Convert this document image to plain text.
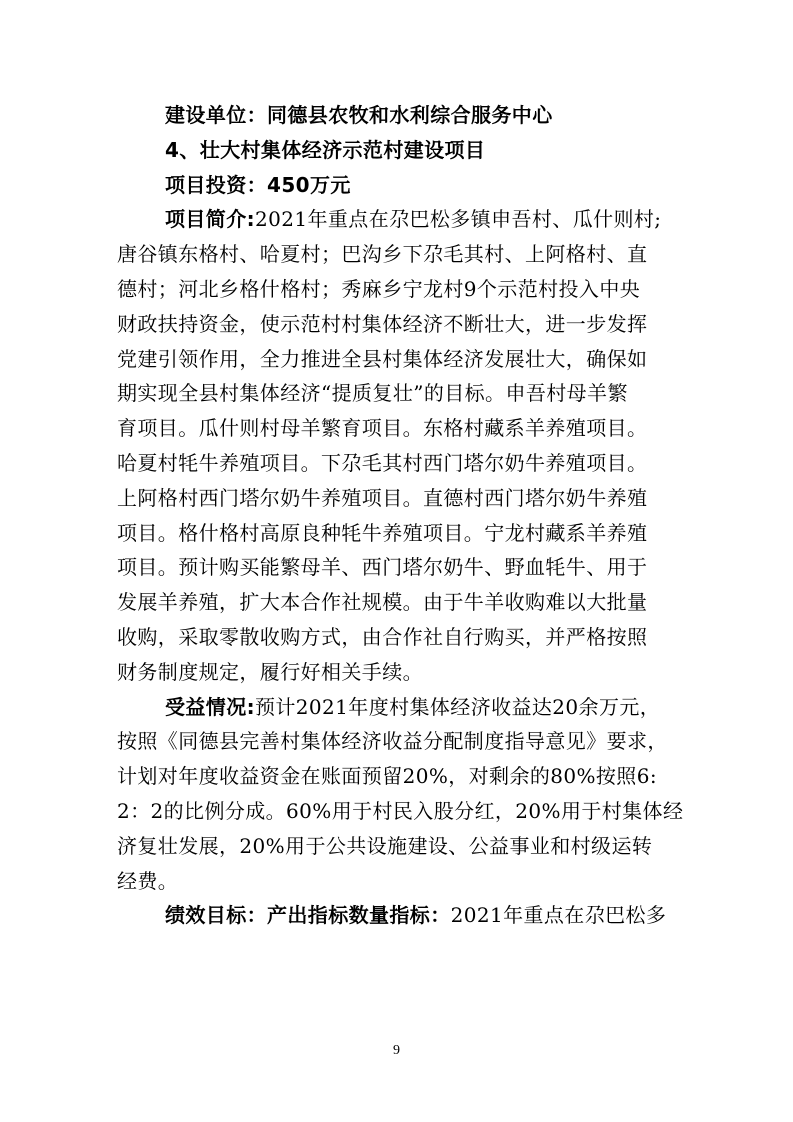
建设单位：同德县农牧和水利综合服务中心

4、壮大村集体经济示范村建设项目

项目投资：450万元

项目简介:2021年重点在尕巴松多镇申吾村、瓜什则村;

唐谷镇东格村、哈夏村；巴沟乡下尕毛其村、上阿格村、直

德村；河北乡格什格村；秀麻乡宁龙村9个示范村投入中央

财政扶持资金，使示范村村集体经济不断壮大，进一步发挥

党建引领作用，全力推进全县村集体经济发展壮大，确保如

期实现全县村集体经济“提质复壮”的目标。申吾村母羊繁

育项目。瓜什则村母羊繁育项目。东格村藏系羊养殖项目。

哈夏村牦牛养殖项目。下尕毛其村西门塔尔奶牛养殖项目。

上阿格村西门塔尔奶牛养殖项目。直德村西门塔尔奶牛养殖

项目。格什格村高原良种牦牛养殖项目。宁龙村藏系羊养殖

项目。预计购买能繁母羊、西门塔尔奶牛、野血牦牛、用于

发展羊养殖，扩大本合作社规模。由于牛羊收购难以大批量

收购，采取零散收购方式，由合作社自行购买，并严格按照

财务制度规定，履行好相关手续。

受益情况:预计2021年度村集体经济收益达20余万元，

按照《同德县完善村集体经济收益分配制度指导意见》要求，

计划对年度收益资金在账面预留20%，对剩余的80%按照6:

2：2的比例分成。60%用于村民入股分红，20%用于村集体经

济复壮发展，20%用于公共设施建设、公益事业和村级运转

经费。

绩效目标：产出指标数量指标：2021年重点在尕巴松多

9
